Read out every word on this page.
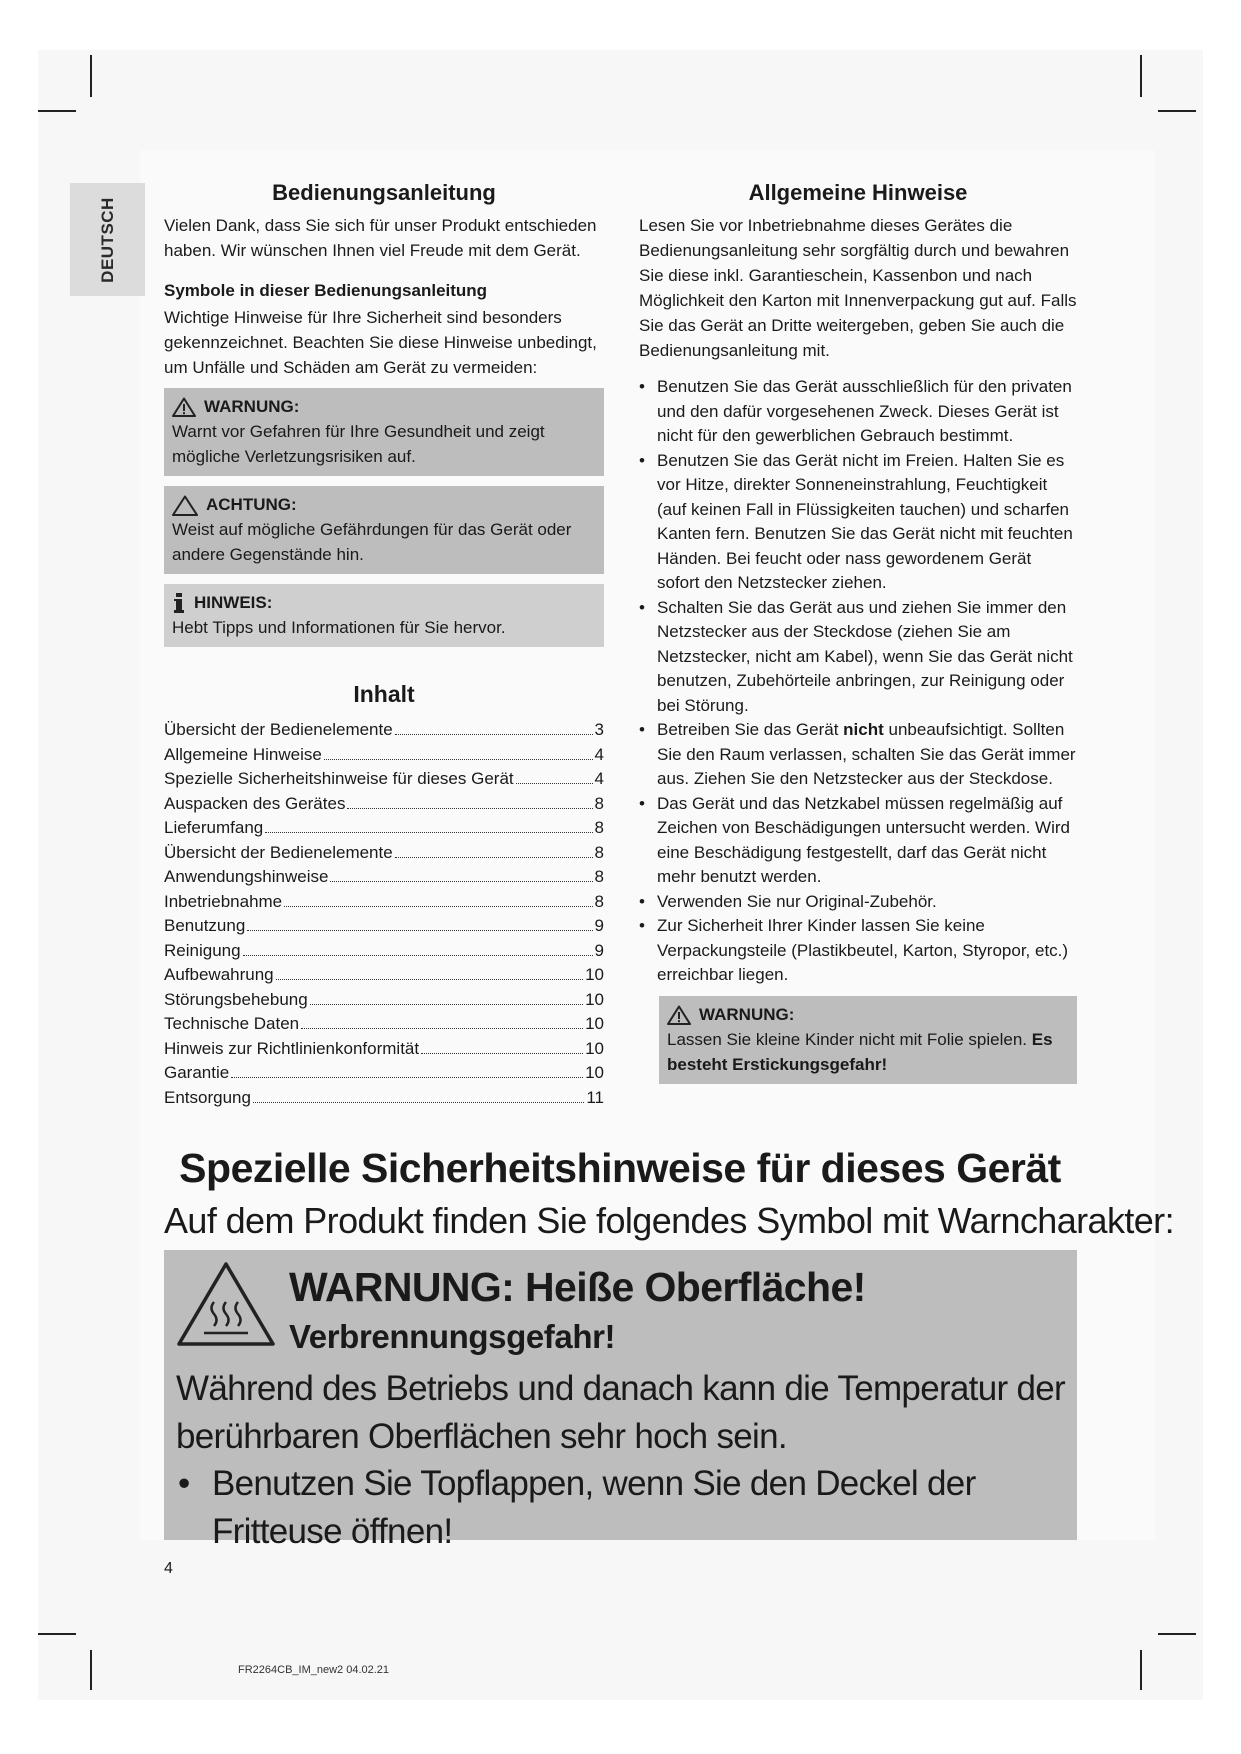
DEUTSCH
Bedienungsanleitung

Vielen Dank, dass Sie sich für unser Produkt entschieden haben. Wir wünschen Ihnen viel Freude mit dem Gerät.

Symbole in dieser Bedienungsanleitung

Wichtige Hinweise für Ihre Sicherheit sind besonders gekennzeichnet. Beachten Sie diese Hinweise unbedingt, um Unfälle und Schäden am Gerät zu vermeiden:

WARNUNG:
Warnt vor Gefahren für Ihre Gesundheit und zeigt mögliche Verletzungsrisiken auf.
ACHTUNG:
Weist auf mögliche Gefährdungen für das Gerät oder andere Gegenstände hin.
HINWEIS:
Hebt Tipps und Informationen für Sie hervor.
Inhalt
Übersicht der Bedienelemente	3
Allgemeine Hinweise	4
Spezielle Sicherheitshinweise für dieses Gerät	4
Auspacken des Gerätes	8
Lieferumfang	8
Übersicht der Bedienelemente	8
Anwendungshinweise	8
Inbetriebnahme	8
Benutzung	9
Reinigung	9
Aufbewahrung	10
Störungsbehebung	10
Technische Daten	10
Hinweis zur Richtlinienkonformität	10
Garantie	10
Entsorgung	11
Allgemeine Hinweise

Lesen Sie vor Inbetriebnahme dieses Gerätes die Bedienungsanleitung sehr sorgfältig durch und bewahren Sie diese inkl. Garantieschein, Kassenbon und nach Möglichkeit den Karton mit Innenverpackung gut auf. Falls Sie das Gerät an Dritte weitergeben, geben Sie auch die Bedienungsanleitung mit.

• Benutzen Sie das Gerät ausschließlich für den privaten und den dafür vorgesehenen Zweck. Dieses Gerät ist nicht für den gewerblichen Gebrauch bestimmt.
• Benutzen Sie das Gerät nicht im Freien. Halten Sie es vor Hitze, direkter Sonneneinstrahlung, Feuchtigkeit (auf keinen Fall in Flüssigkeiten tauchen) und scharfen Kanten fern. Benutzen Sie das Gerät nicht mit feuchten Händen. Bei feucht oder nass gewordenem Gerät sofort den Netzstecker ziehen.
• Schalten Sie das Gerät aus und ziehen Sie immer den Netzstecker aus der Steckdose (ziehen Sie am Netzstecker, nicht am Kabel), wenn Sie das Gerät nicht benutzen, Zubehörteile anbringen, zur Reinigung oder bei Störung.
• Betreiben Sie das Gerät nicht unbeaufsichtigt. Sollten Sie den Raum verlassen, schalten Sie das Gerät immer aus. Ziehen Sie den Netzstecker aus der Steckdose.
• Das Gerät und das Netzkabel müssen regelmäßig auf Zeichen von Beschädigungen untersucht werden. Wird eine Beschädigung festgestellt, darf das Gerät nicht mehr benutzt werden.
• Verwenden Sie nur Original-Zubehör.
• Zur Sicherheit Ihrer Kinder lassen Sie keine Verpackungsteile (Plastikbeutel, Karton, Styropor, etc.) erreichbar liegen.
WARNUNG:
Lassen Sie kleine Kinder nicht mit Folie spielen. Es besteht Erstickungsgefahr!
Spezielle Sicherheitshinweise für dieses Gerät
Auf dem Produkt finden Sie folgendes Symbol mit Warncharakter:
WARNUNG: Heiße Oberfläche!
Verbrennungsgefahr!
Während des Betriebs und danach kann die Temperatur der berührbaren Oberflächen sehr hoch sein.
• Benutzen Sie Topflappen, wenn Sie den Deckel der Fritteuse öffnen!
4
FR2264CB_IM_new2 04.02.21
